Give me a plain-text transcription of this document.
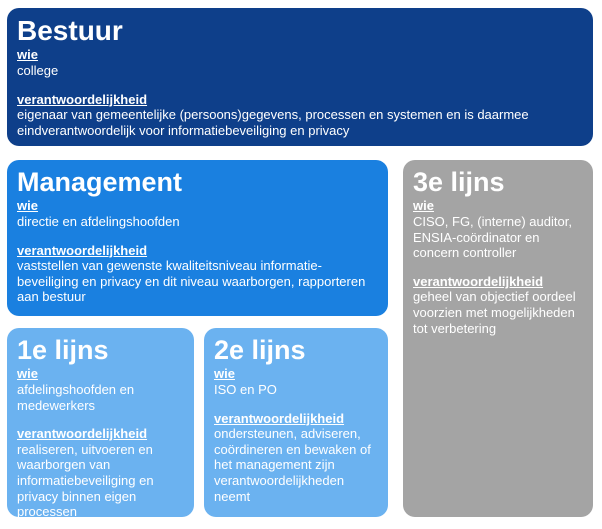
Bestuur
wie
college
verantwoordelijkheid
eigenaar van gemeentelijke (persoons)gegevens, processen en systemen en is daarmee eindverantwoordelijk voor informatiebeveiliging en privacy
Management
wie
directie en afdelingshoofden
verantwoordelijkheid
vaststellen van gewenste kwaliteitsniveau informatie-beveiliging en privacy en dit niveau waarborgen, rapporteren aan bestuur
3e lijns
wie
CISO, FG, (interne) auditor, ENSIA-coördinator en concern controller
verantwoordelijkheid
geheel van objectief oordeel voorzien met mogelijkheden tot verbetering
1e lijns
wie
afdelingshoofden en medewerkers
verantwoordelijkheid
realiseren, uitvoeren en waarborgen van informatiebeveiliging en privacy binnen eigen processen
2e lijns
wie
ISO en PO
verantwoordelijkheid
ondersteunen, adviseren, coördineren en bewaken of het management zijn verantwoordelijkheden neemt
